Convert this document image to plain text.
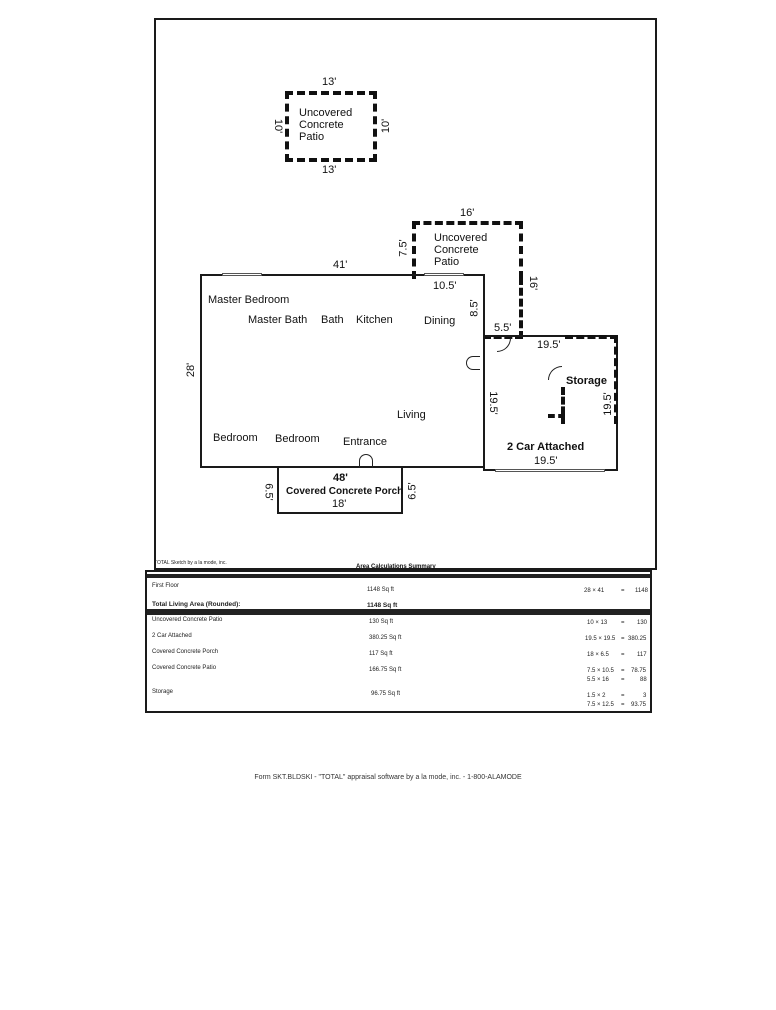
Uncovered
Concrete
Patio
13'
13'
10'	10'
Uncovered
Concrete
Patio
16'
7.5'
10.5'	16'
41'
28'
8.5'
Master Bedroom
Master Bath Bath Kitchen	Dining
Living
Bedroom Bedroom Entrance
5.5'
19.5'
Storage
19.5'	19.5'
2 Car Attached
19.5'
48'
Covered Concrete Porch
18'
6.5'	6.5'
TOTAL Sketch by a la mode, inc.
Area Calculations Summary
First Floor
1148 Sq ft	28 × 41	= 1148
Total Living Area (Rounded):	1148 Sq ft
Uncovered Concrete Patio	130 Sq ft	10 × 13 = 130
2 Car Attached	380.25 Sq ft	19.5 × 19.5 = 380.25
Covered Concrete Porch	117 Sq ft	18 × 6.5 = 117
Covered Concrete Patio	166.75 Sq ft	7.5 × 10.5 = 78.75
5.5 × 16 =	88
Storage	96.75 Sq ft	1.5 × 2	=	3
7.5 × 12.5 = 93.75
Form SKT.BLDSKI - "TOTAL" appraisal software by a la mode, inc. - 1-800-ALAMODE
